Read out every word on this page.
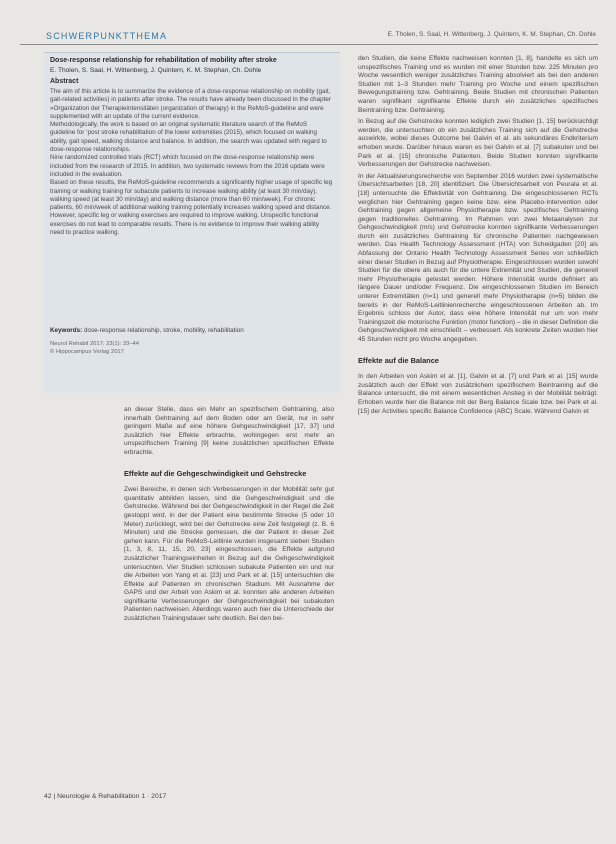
SCHWERPUNKTTHEMA	E. Tholen, S. Saal, H. Wittenberg, J. Quintern, K. M. Stephan, Ch. Dohle
Dose-response relationship for rehabilitation of mobility after stroke
E. Tholen, S. Saal, H. Wittenberg, J. Quintern, K. M. Stephan, Ch. Dohle
Abstract

The aim of this article is to summarize the evidence of a dose-response relationship on mobility (gait, gait-related activities) in patients after stroke. The results have already been discussed in the chapter »Organization der Therapieintensitäten (organization of therapy) in the ReMoS-guideline and were supplemented with an update of the current evidence.

Methodologically, the work is based on an original systematic literature search of the ReMoS guideline for ‘post stroke rehabilitation of the lower extremities (2015), which focused on walking ability, gait speed, walking distance and balance. In addition, the search was updated with regard to dose-response relationships.

Nine randomized controlled trials (RCT) which focused on the dose-response relationship were included from the research of 2015. In addition, two systematic reviews from the 2016 update were included in the evaluation.

Based on these results, the ReMoS-guideline recommends a significantly higher usage of specific leg training or walking training for subacute patients to increase walking ability (at least 30 min/day), walking speed (at least 30 min/day) and walking distance (more than 60 min/week). For chronic patients, 60 min/week of additional walking training potentially increases walking speed and distance. However, specific leg or walking exercises are required to improve walking. Unspecific functional exercises do not lead to comparable results. There is no evidence to improve their walking ability need to practice walking.

Keywords: dose-response relationship, stroke, mobility, rehabilitation
Neurol Rehabil 2017; 23(1): 33–44
© Hippocampus Verlag 2017

an dieser Stelle, dass ein Mehr an spezifischem Gehtraining, also innerhalb Gehtraining auf dem Boden oder am Gerät, nur in sehr geringem Maße auf eine höhere Gehgeschwindigkeit [17, 37] und zusätzlich hier Effekte erbrachte, wohingegen erst mehr an unspezifischem Training [9] keine zusätzlichen spezifischen Effekte erbrachte.

Effekte auf die Gehgeschwindigkeit und Gehstrecke

Zwei Bereiche, in denen sich Verbesserungen in der Mobilität sehr gut quantitativ abbilden lassen, sind die Gehgeschwindigkeit und die Gehstrecke. Während bei der Gehgeschwindigkeit in der Regel die Zeit gestoppt wird, in der der Patient eine bestimmte Strecke (5 oder 10 Meter) zurücklegt, wird bei der Gehstrecke eine Zeit festgelegt (z. B. 6 Minuten) und die Strecke gemessen, die der Patient in dieser Zeit gehen kann. Für die ReMoS-Leitlinie wurden insgesamt sieben Studien [1, 3, 8, 11, 15, 20, 23] eingeschlossen, die Effekte aufgrund zusätzlicher Trainingseinheiten in Bezug auf die Gehgeschwindigkeit untersuchten. Vier Studien schlossen subakute Patienten ein und nur die Arbeiten von Yang et al. [23] und Park et al. [15] untersuchten die Effekte auf Patienten im chronischen Stadium. Mit Ausnahme der GAPS und der Arbeit von Askim et al. konnten alle anderen Arbeiten signifikante Verbesserungen der Gehgeschwindigkeit bei subakuten Patienten nachweisen. Allerdings waren auch hier die Unterschiede der zusätzlichen Trainingsdauer sehr deutlich. Bei den bei-

den Studien, die keine Effekte nachweisen konnten [1, 8], handelte es sich um unspezifisches Training und es wurden mit einer Stunden bzw. 225 Minuten pro Woche wesentlich weniger zusätzliches Training absolviert als bei den anderen Studien mit 1–3 Stunden mehr Training pro Woche und einem spezifischen Bewegungstraining bzw. Gehtraining. Beide Studien mit chronischen Patienten waren signifikant signifikante Effekte durch ein zusätzliches spezifisches Beintraining bzw. Gehtraining.

In Bezug auf die Gehstrecke konnten lediglich zwei Studien [1, 15] berücksichtigt werden, die untersuchten ob ein zusätzliches Training sich auf die Gehstrecke auswirkte, wobei dieses Outcome bei Galvin et al. als sekundäres Endkriterium erhoben wurde. Darüber hinaus waren es bei Galvin et al. [7] subakuten und bei Park et al. [15] chronische Patienten. Beide Studien konnten signifikante Verbesserungen der Gehstrecke nachweisen.

In der Aktualisierungsrecherche von September 2016 wurden zwei systematische Übersichtsarbeiten [18, 20] identifiziert. Die Übersichtsarbeit von Peurala et al. [18] untersuchte die Effektivität von Gehtraining. Die eingeschlossenen RCTs verglichen hier Gehtraining gegen keine bzw. eine Placebo-Intervention oder Gehtraining gegen allgemeine Physiotherapie bzw. spezifisches Gehtraining gegen traditionelles Gehtraining. Im Rahmen von zwei Metaanalysen zur Gehgeschwindigkeit (m/s) und Gehstrecke konnten signifikante Verbesserungen durch ein zusätzliches Gehtraining für chronische Patienten nachgewiesen werden. Das Health Technology Assessment (HTA) von Scheidgaden [20] als Abfassung der Ontario Health Technology Assessment Series von schließlich einer dieser Studien in Bezug auf Physiotherapie. Eingeschlossen wurden sowohl Studien für die obere als auch für die untere Extremität und Studien, die generell mehr Physiotherapie getestet werden. Höhere Intensität wurde definiert als längere Dauer und/oder Frequenz. Die eingeschlossenen Studien im Bereich unterer Extremitäten (n=1) und generell mehr Physiotherapie (n=5) bilden die bereits in der ReMoS-Leitlinienrecherche eingeschlossenen Arbeiten ab. Im Ergebnis schloss der Autor, dass eine höhere Intensität nur um von mehr Trainingszeit die motorische Funktion (motor function) – die in dieser Definition die Gehgeschwindigkeit mit einschließt – verbessert. Als konkrete Zeiten wurden hier 45 Stunden nicht pro Woche angegeben.

Effekte auf die Balance

In den Arbeiten von Askim et al. [1], Galvin et al. [7] und Park et al. [15] wurde zusätzlich auch der Effekt von zusätzlichem spezifischem Beintraining auf die Balance untersucht, die mit einem wesentlichen Anstieg in der Mobilität beiträgt. Erhoben wurde hier die Balance mit der Berg Balance Scale bzw. bei Park et al. [15] der Activities specific Balance Confidence (ABC) Scale. Während Galvin et

42 | Neurologie & Rehabilitation 1 · 2017
